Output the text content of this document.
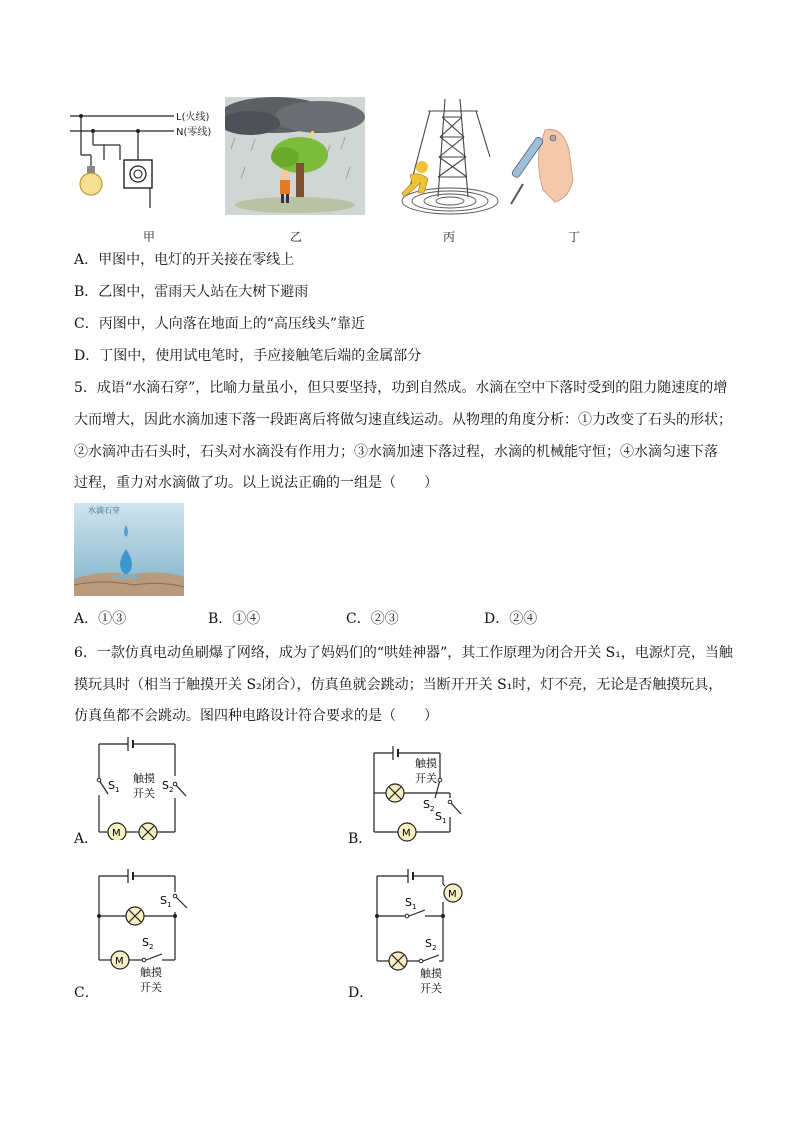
L(火线)
N(零线)
甲	乙	丙	丁
A．甲图中，电灯的开关接在零线上
B．乙图中，雷雨天人站在大树下避雨
C．丙图中，人向落在地面上的“高压线头”靠近
D．丁图中，使用试电笔时，手应接触笔后端的金属部分
5．成语“水滴石穿”，比喻力量虽小，但只要坚持，功到自然成。水滴在空中下落时受到的阻力随速度的增
大而增大，因此水滴加速下落一段距离后将做匀速直线运动。从物理的角度分析：①力改变了石头的形状；
②水滴冲击石头时，石头对水滴没有作用力；③水滴加速下落过程，水滴的机械能守恒；④水滴匀速下落
过程，重力对水滴做了功。以上说法正确的一组是（　　）
水滴石穿
A．①③	B．①④	C．②③	D．②④
6．一款仿真电动鱼刷爆了网络，成为了妈妈们的“哄娃神器”，其工作原理为闭合开关 S₁，电源灯亮，当触
摸玩具时（相当于触摸开关 S₂闭合），仿真鱼就会跳动；当断开开关 S₁时，灯不亮，无论是否触摸玩具，
仿真鱼都不会跳动。图四种电路设计符合要求的是（　　）
A． M
S 1
触摸
开关
S 2
B．	M
触摸
开关
S 2
S 1
C．
M
S 1
S 2
触摸
开关	D．
M
S 1
S 2
触摸
开关
